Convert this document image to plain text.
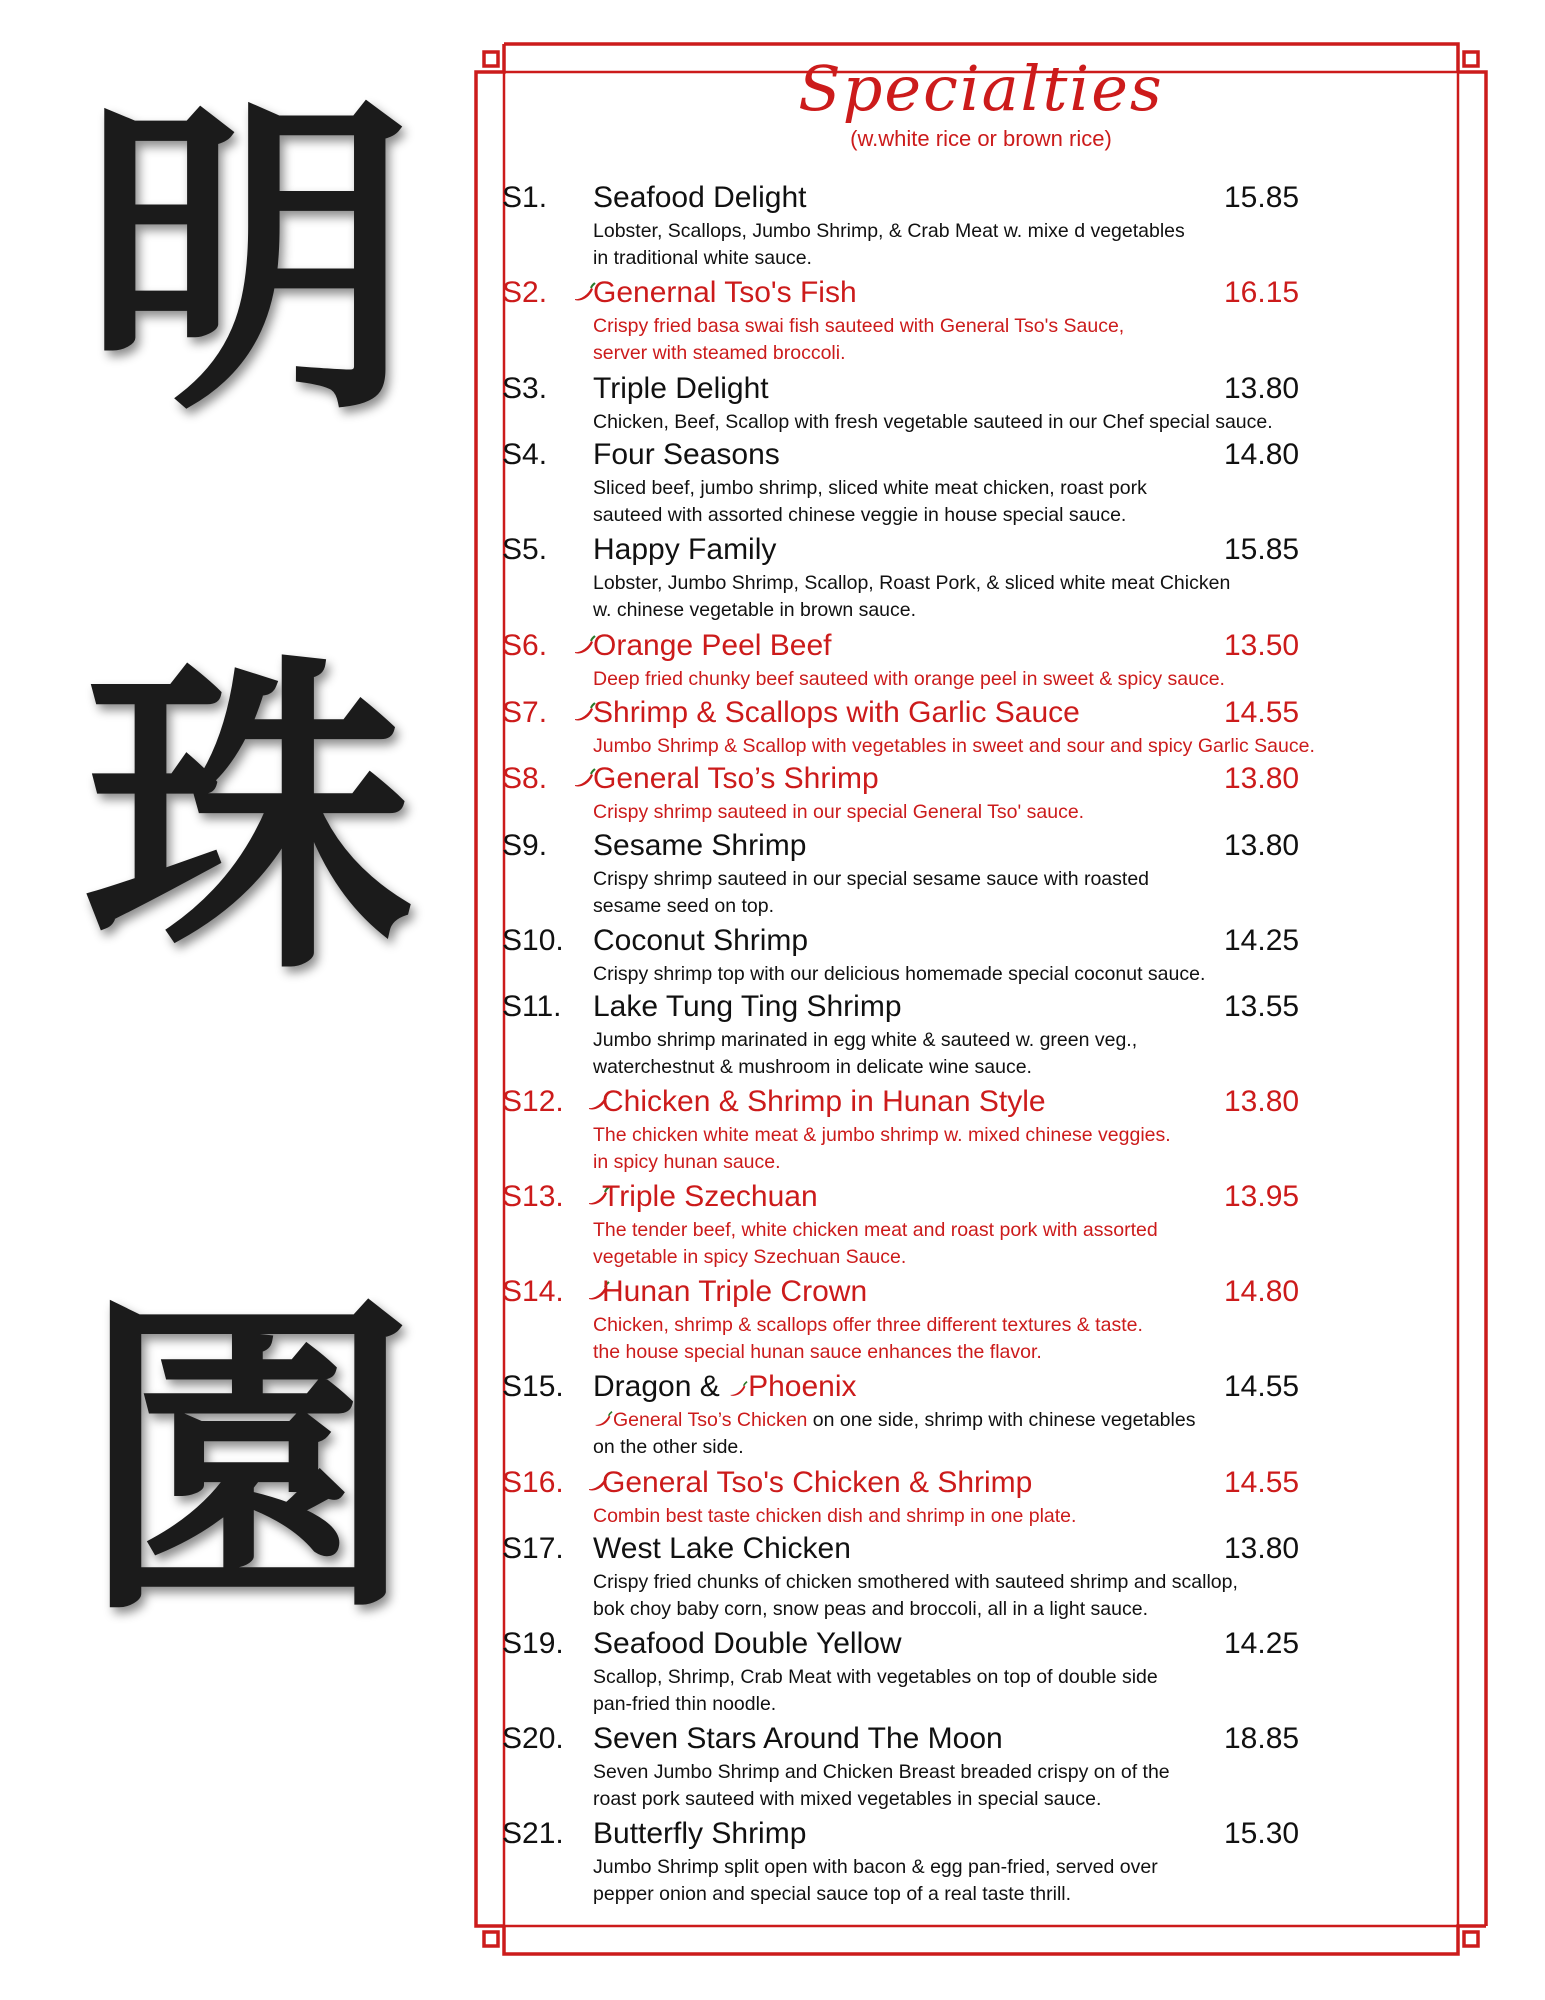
明
珠
園
Specialties
(w.white rice or brown rice)
S1. Seafood Delight	15.85
Lobster, Scallops, Jumbo Shrimp, & Crab Meat w. mixe d vegetables
in traditional white sauce.
S2. Genernal Tso's Fish	16.15
Crispy fried basa swai fish sauteed with General Tso's Sauce,
server with steamed broccoli.
S3. Triple Delight	13.80
Chicken, Beef, Scallop with fresh vegetable sauteed in our Chef special sauce.
S4. Four Seasons	14.80
Sliced beef, jumbo shrimp, sliced white meat chicken, roast pork
sauteed with assorted chinese veggie in house special sauce.
S5. Happy Family	15.85
Lobster, Jumbo Shrimp, Scallop, Roast Pork, & sliced white meat Chicken
w. chinese vegetable in brown sauce.
S6. Orange Peel Beef	13.50
Deep fried chunky beef sauteed with orange peel in sweet & spicy sauce.
S7. Shrimp & Scallops with Garlic Sauce	14.55
Jumbo Shrimp & Scallop with vegetables in sweet and sour and spicy Garlic Sauce.
S8. General Tso’s Shrimp	13.80
Crispy shrimp sauteed in our special General Tso' sauce.
S9. Sesame Shrimp	13.80
Crispy shrimp sauteed in our special sesame sauce with roasted
sesame seed on top.
S10. Coconut Shrimp	14.25
Crispy shrimp top with our delicious homemade special coconut sauce.
S11. Lake Tung Ting Shrimp	13.55
Jumbo shrimp marinated in egg white & sauteed w. green veg.,
waterchestnut & mushroom in delicate wine sauce.
S12. Chicken & Shrimp in Hunan Style	13.80
The chicken white meat & jumbo shrimp w. mixed chinese veggies.
in spicy hunan sauce.
S13. Triple Szechuan	13.95
The tender beef, white chicken meat and roast pork with assorted
vegetable in spicy Szechuan Sauce.
S14. Hunan Triple Crown	14.80
Chicken, shrimp & scallops offer three different textures & taste.
the house special hunan sauce enhances the flavor.
S15. Dragon & Phoenix	14.55
General Tso’s Chicken on one side, shrimp with chinese vegetables
on the other side.
S16. General Tso's Chicken & Shrimp	14.55
Combin best taste chicken dish and shrimp in one plate.
S17. West Lake Chicken	13.80
Crispy fried chunks of chicken smothered with sauteed shrimp and scallop,
bok choy baby corn, snow peas and broccoli, all in a light sauce.
S19. Seafood Double Yellow	14.25
Scallop, Shrimp, Crab Meat with vegetables on top of double side
pan-fried thin noodle.
S20. Seven Stars Around The Moon	18.85
Seven Jumbo Shrimp and Chicken Breast breaded crispy on of the
roast pork sauteed with mixed vegetables in special sauce.
S21. Butterfly Shrimp	15.30
Jumbo Shrimp split open with bacon & egg pan-fried, served over
pepper onion and special sauce top of a real taste thrill.
